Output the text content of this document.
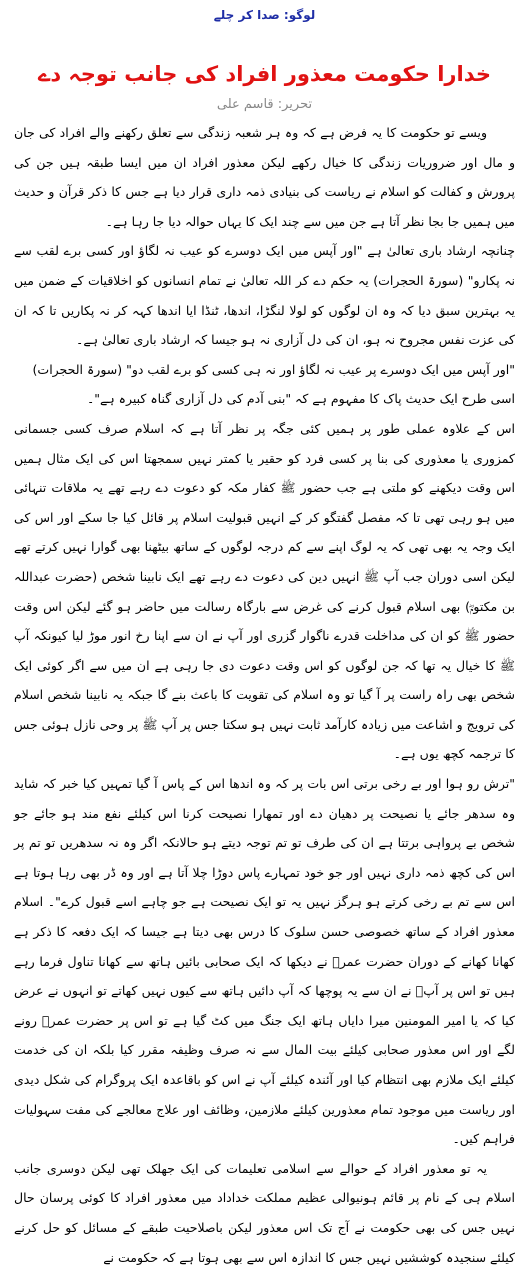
لوگو: صدا کر چلے
خدارا حکومت معذور افراد کی جانب توجہ دے
تحریر: قاسم علی

ویسے تو حکومت کا یہ فرض ہے کہ وہ ہر شعبہ زندگی سے تعلق رکھنے والے افراد کی جان و مال اور ضروریات زندگی کا خیال رکھے لیکن معذور افراد ان میں ایسا طبقہ ہیں جن کی پرورش و کفالت کو اسلام نے ریاست کی بنیادی ذمہ داری قرار دیا ہے جس کا ذکر قرآن و حدیث میں ہمیں جا بجا نظر آتا ہے جن میں سے چند ایک کا یہاں حوالہ دیا جا رہا ہے۔

چنانچہ ارشاد باری تعالیٰ ہے "اور آپس میں ایک دوسرے کو عیب نہ لگاؤ اور کسی برے لقب سے نہ پکارو" (سورۃ الحجرات) یہ حکم دے کر اللہ تعالیٰ نے تمام انسانوں کو اخلاقیات کے ضمن میں یہ بہترین سبق دیا کہ وہ ان لوگوں کو لولا لنگڑا، اندھا، ٹنڈا ایا اندھا کہہ کر نہ پکاریں تا کہ ان کی عزت نفس مجروح نہ ہو، ان کی دل آزاری نہ ہو جیسا کہ ارشاد باری تعالیٰ ہے۔

"اور آپس میں ایک دوسرے پر عیب نہ لگاؤ اور نہ ہی کسی کو برے لقب دو" (سورۃ الحجرات)

اسی طرح ایک حدیث پاک کا مفہوم ہے کہ "بنی آدم کی دل آزاری گناہ کبیرہ ہے"۔

اس کے علاوہ عملی طور پر ہمیں کئی جگہ پر نظر آتا ہے کہ اسلام صرف کسی جسمانی کمزوری یا معذوری کی بنا پر کسی فرد کو حقیر یا کمتر نہیں سمجھتا اس کی ایک مثال ہمیں اس وقت دیکھنے کو ملتی ہے جب حضور ﷺ کفار مکہ کو دعوت دے رہے تھے یہ ملاقات تنہائی میں ہو رہی تھی تا کہ مفصل گفتگو کر کے انہیں قبولیت اسلام پر قائل کیا جا سکے اور اس کی ایک وجہ یہ بھی تھی کہ یہ لوگ اپنے سے کم درجہ لوگوں کے ساتھ بیٹھنا بھی گوارا نہیں کرتے تھے لیکن اسی دوران جب آپ ﷺ انہیں دین کی دعوت دے رہے تھے ایک نابینا شخص (حضرت عبداللہ بن مکتومؓ) بھی اسلام قبول کرنے کی غرض سے بارگاہ رسالت میں حاضر ہو گئے لیکن اس وقت حضور ﷺ کو ان کی مداخلت قدرے ناگوار گزری اور آپ نے ان سے اپنا رخ انور موڑ لیا کیونکہ آپ ﷺ کا خیال یہ تھا کہ جن لوگوں کو اس وقت دعوت دی جا رہی ہے ان میں سے اگر کوئی ایک شخص بھی راہ راست پر آ گیا تو وہ اسلام کی تقویت کا باعث بنے گا جبکہ یہ نابینا شخص اسلام کی ترویج و اشاعت میں زیادہ کارآمد ثابت نہیں ہو سکتا جس پر آپ ﷺ پر وحی نازل ہوئی جس کا ترجمہ کچھ یوں ہے۔

"ترش رو ہوا اور بے رخی برتی اس بات پر کہ وہ اندھا اس کے پاس آ گیا تمہیں کیا خبر کہ شاید وہ سدھر جائے یا نصیحت پر دھیان دے اور تمھارا نصیحت کرنا اس کیلئے نفع مند ہو جائے جو شخص بے پرواہی برتتا ہے ان کی طرف تو تم توجہ دیتے ہو حالانکہ اگر وہ نہ سدھریں تو تم پر اس کی کچھ ذمہ داری نہیں اور جو خود تمہارے پاس دوڑا چلا آتا ہے اور وہ ڈر بھی رہا ہوتا ہے اس سے تم بے رخی کرتے ہو ہرگز نہیں یہ تو ایک نصیحت ہے جو چاہے اسے قبول کرے"۔ اسلام معذور افراد کے ساتھ خصوصی حسن سلوک کا درس بھی دیتا ہے جیسا کہ ایک دفعہ کا ذکر ہے کھانا کھانے کے دوران حضرت عمرؓ نے دیکھا کہ ایک صحابی بائیں ہاتھ سے کھانا تناول فرما رہے ہیں تو اس پر آپؓ نے ان سے یہ پوچھا کہ آپ دائیں ہاتھ سے کیوں نہیں کھاتے تو انہوں نے عرض کیا کہ یا امیر المومنین میرا دایاں ہاتھ ایک جنگ میں کٹ گیا ہے تو اس پر حضرت عمرؓ رونے لگے اور اس معذور صحابی کیلئے بیت المال سے نہ صرف وظیفہ مقرر کیا بلکہ ان کی خدمت کیلئے ایک ملازم بھی انتظام کیا اور آئندہ کیلئے آپ نے اس کو باقاعدہ ایک پروگرام کی شکل دیدی اور ریاست میں موجود تمام معذورین کیلئے ملازمین، وظائف اور علاج معالجے کی مفت سہولیات فراہم کیں۔

یہ تو معذور افراد کے حوالے سے اسلامی تعلیمات کی ایک جھلک تھی لیکن دوسری جانب اسلام ہی کے نام پر قائم ہونیوالی عظیم مملکت خداداد میں معذور افراد کا کوئی پرسان حال نہیں جس کی بھی حکومت نے آج تک اس معذور لیکن باصلاحیت طبقے کے مسائل کو حل کرنے کیلئے سنجیدہ کوششیں نہیں جس کا اندازہ اس سے بھی ہوتا ہے کہ حکومت نے
